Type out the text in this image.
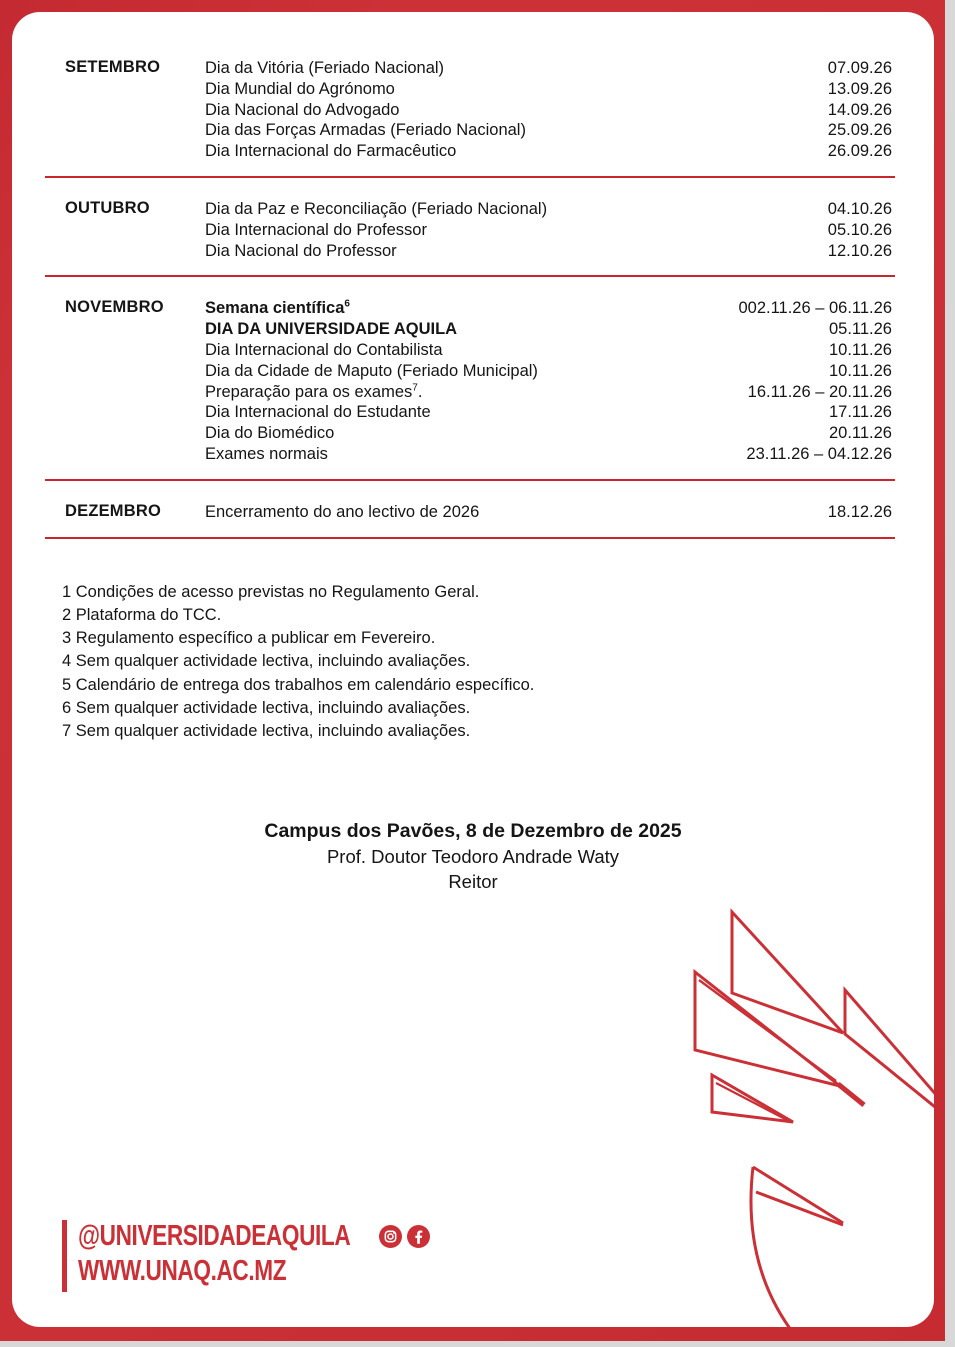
SETEMBRO	Dia da Vitória (Feriado Nacional)	07.09.26
Dia Mundial do Agrónomo	13.09.26
Dia Nacional do Advogado	14.09.26
Dia das Forças Armadas (Feriado Nacional)	25.09.26
Dia Internacional do Farmacêutico	26.09.26
OUTUBRO	Dia da Paz e Reconciliação (Feriado Nacional)	04.10.26
Dia Internacional do Professor	05.10.26
Dia Nacional do Professor	12.10.26
NOVEMBRO	Semana científica$^6$	002.11.26 – 06.11.26
DIA DA UNIVERSIDADE AQUILA	05.11.26
Dia Internacional do Contabilista	10.11.26
Dia da Cidade de Maputo (Feriado Municipal)	10.11.26
Preparação para os exames$^7$.	16.11.26 – 20.11.26
Dia Internacional do Estudante	17.11.26
Dia do Biomédico	20.11.26
Exames normais	23.11.26 – 04.12.26
DEZEMBRO	Encerramento do ano lectivo de 2026	18.12.26
1 Condições de acesso previstas no Regulamento Geral.
2 Plataforma do TCC.
3 Regulamento específico a publicar em Fevereiro.
4 Sem qualquer actividade lectiva, incluindo avaliações.
5 Calendário de entrega dos trabalhos em calendário específico.
6 Sem qualquer actividade lectiva, incluindo avaliações.
7 Sem qualquer actividade lectiva, incluindo avaliações.
Campus dos Pavões, 8 de Dezembro de 2025
Prof. Doutor Teodoro Andrade Waty
Reitor
@UNIVERSIDADEAQUILA
WWW.UNAQ.AC.MZ
